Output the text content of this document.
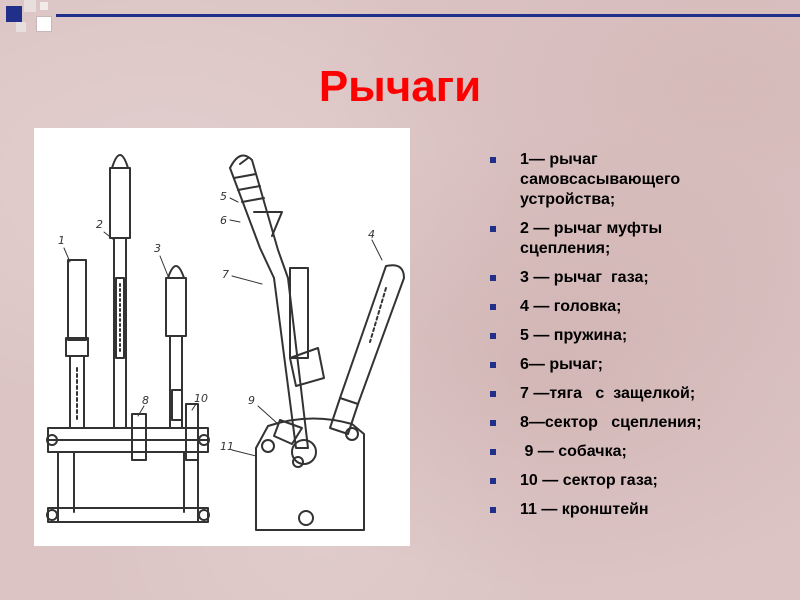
Рычаги
1
2
3
5
6
4
7
8	10	9
11
1— рычаг самовсасывающего устройства;
2 — рычаг муфты сцепления;
3 — рычаг  газа;
4 — головка;
5 — пружина;
6— рычаг;
7 —тяга   с  защелкой;
8—сектор   сцепления;
9 — собачка;
10 — сектор газа;
11 — кронштейн
